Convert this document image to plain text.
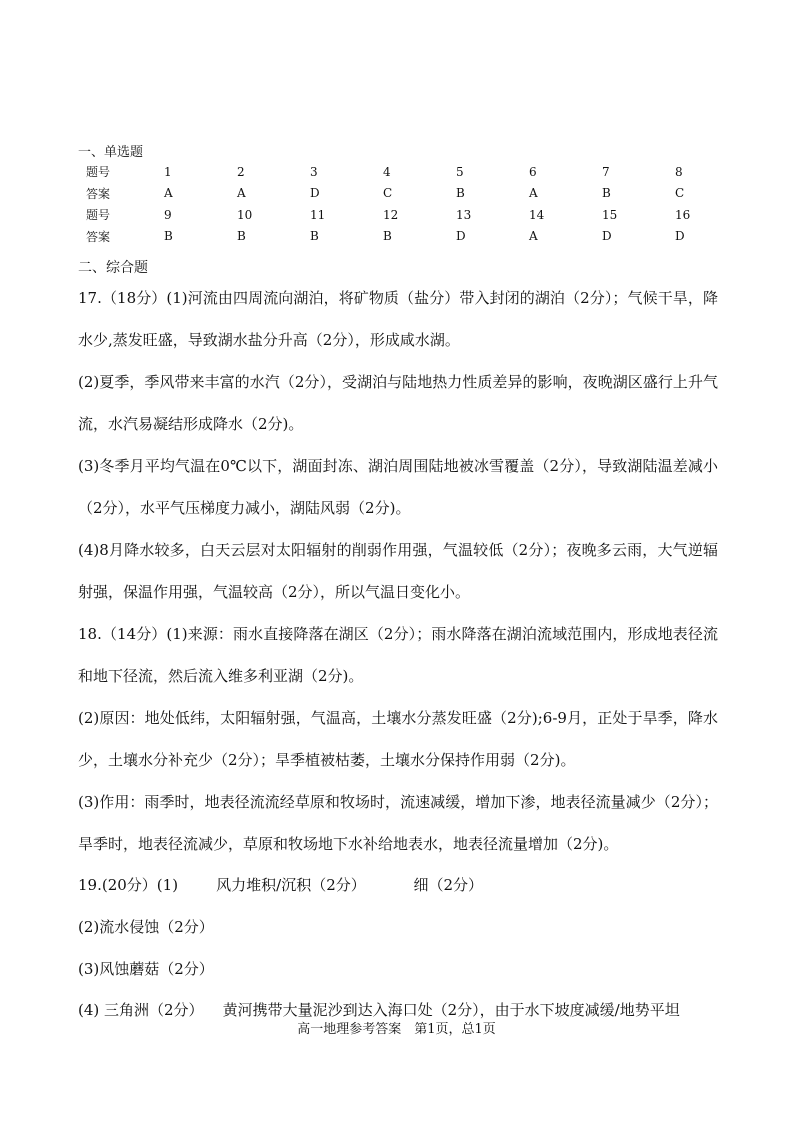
一、单选题
题号	1	2	3	4	5	6	7	8
答案	A	A	D	C	B	A	B	C
题号	9	10	11	12	13	14	15	16
答案	B	B	B	B	D	A	D	D
二、综合题

17.（18分）(1)河流由四周流向湖泊，将矿物质（盐分）带入封闭的湖泊（2分）；气候干旱，降水少,蒸发旺盛，导致湖水盐分升高（2分），形成咸水湖。

(2)夏季，季风带来丰富的水汽（2分），受湖泊与陆地热力性质差异的影响，夜晚湖区盛行上升气流，水汽易凝结形成降水（2分)。

(3)冬季月平均气温在0℃以下，湖面封冻、湖泊周围陆地被冰雪覆盖（2分），导致湖陆温差减小（2分），水平气压梯度力减小，湖陆风弱（2分)。

(4)8月降水较多，白天云层对太阳辐射的削弱作用强，气温较低（2分）；夜晚多云雨，大气逆辐射强，保温作用强，气温较高（2分），所以气温日变化小。

18.（14分）(1)来源：雨水直接降落在湖区（2分）；雨水降落在湖泊流域范围内，形成地表径流和地下径流，然后流入维多利亚湖（2分)。

(2)原因：地处低纬，太阳辐射强，气温高，土壤水分蒸发旺盛（2分);6-9月，正处于旱季，降水少，土壤水分补充少（2分）；旱季植被枯萎，土壤水分保持作用弱（2分)。

(3)作用：雨季时，地表径流流经草原和牧场时，流速减缓，增加下渗，地表径流量减少（2分）；旱季时，地表径流减少，草原和牧场地下水补给地表水，地表径流量增加（2分)。

19.(20分）(1)        风力堆积/沉积（2分）          细（2分）
(2)流水侵蚀（2分）
(3)风蚀蘑菇（2分）
(4) 三角洲（2分）    黄河携带大量泥沙到达入海口处（2分），由于水下坡度减缓/地势平坦
高一地理参考答案　第1页，总1页
